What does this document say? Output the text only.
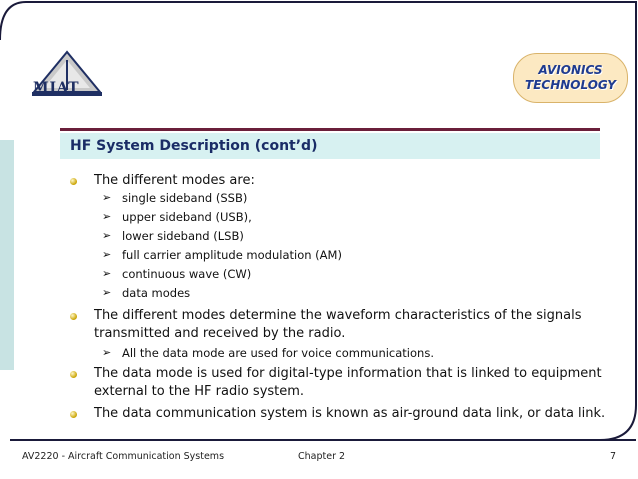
MIAT
AVIONICS
TECHNOLOGY
HF System Description (cont’d)
The different modes are:
➢ single sideband (SSB)
➢ upper sideband (USB),
➢ lower sideband (LSB)
➢ full carrier amplitude modulation (AM)
➢ continuous wave (CW)
➢ data modes
The different modes determine the waveform characteristics of the signals
transmitted and received by the radio.
➢ All the data mode are used for voice communications.
The data mode is used for digital-type information that is linked to equipment
external to the HF radio system.
The data communication system is known as air-ground data link, or data link.
AV2220 - Aircraft Communication Systems	Chapter 2	7
